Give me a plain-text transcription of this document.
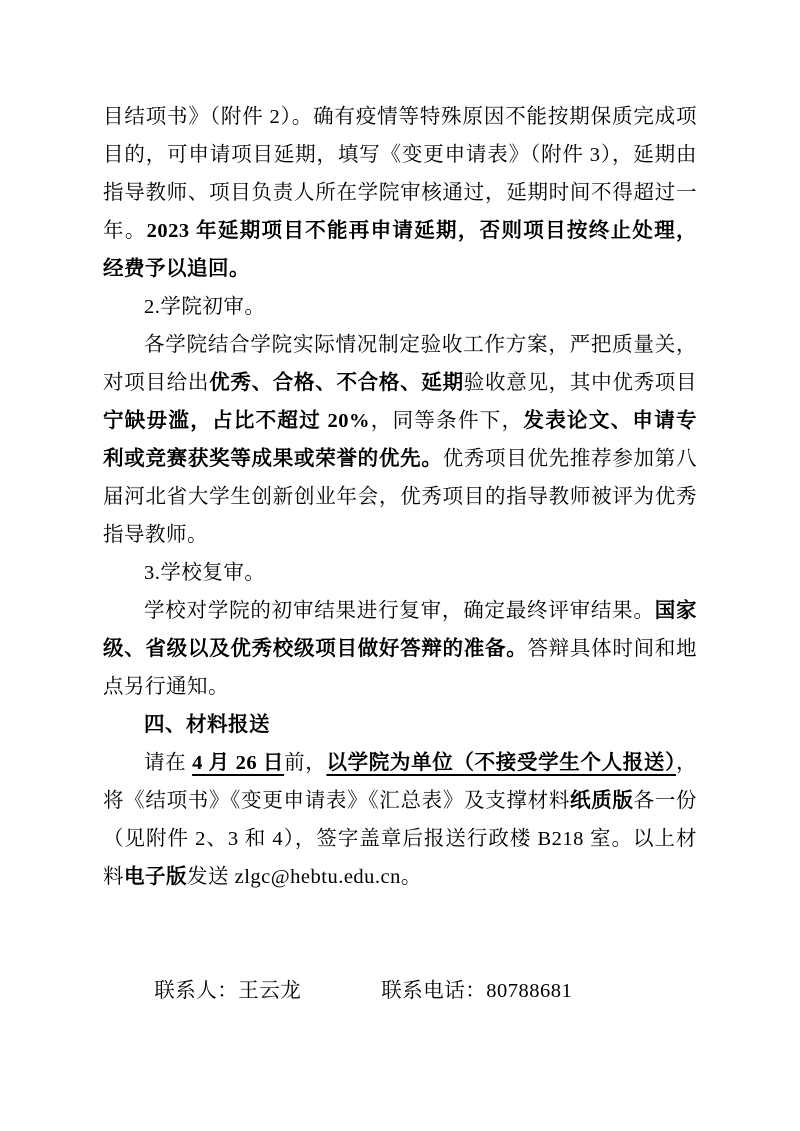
目结项书》（附件 2）。确有疫情等特殊原因不能按期保质完成项目的，可申请项目延期，填写《变更申请表》（附件 3），延期由指导教师、项目负责人所在学院审核通过，延期时间不得超过一年。2023 年延期项目不能再申请延期，否则项目按终止处理，经费予以追回。

2.学院初审。

各学院结合学院实际情况制定验收工作方案，严把质量关，对项目给出优秀、合格、不合格、延期验收意见，其中优秀项目宁缺毋滥，占比不超过 20%，同等条件下，发表论文、申请专利或竞赛获奖等成果或荣誉的优先。优秀项目优先推荐参加第八届河北省大学生创新创业年会，优秀项目的指导教师被评为优秀指导教师。

3.学校复审。

学校对学院的初审结果进行复审，确定最终评审结果。国家级、省级以及优秀校级项目做好答辩的准备。答辩具体时间和地点另行通知。

四、材料报送

请在 4 月 26 日前，以学院为单位（不接受学生个人报送），将《结项书》《变更申请表》《汇总表》及支撑材料纸质版各一份（见附件 2、3 和 4），签字盖章后报送行政楼 B218 室。以上材料电子版发送 zlgc@hebtu.edu.cn。

联系人：王云龙	联系电话：80788681
